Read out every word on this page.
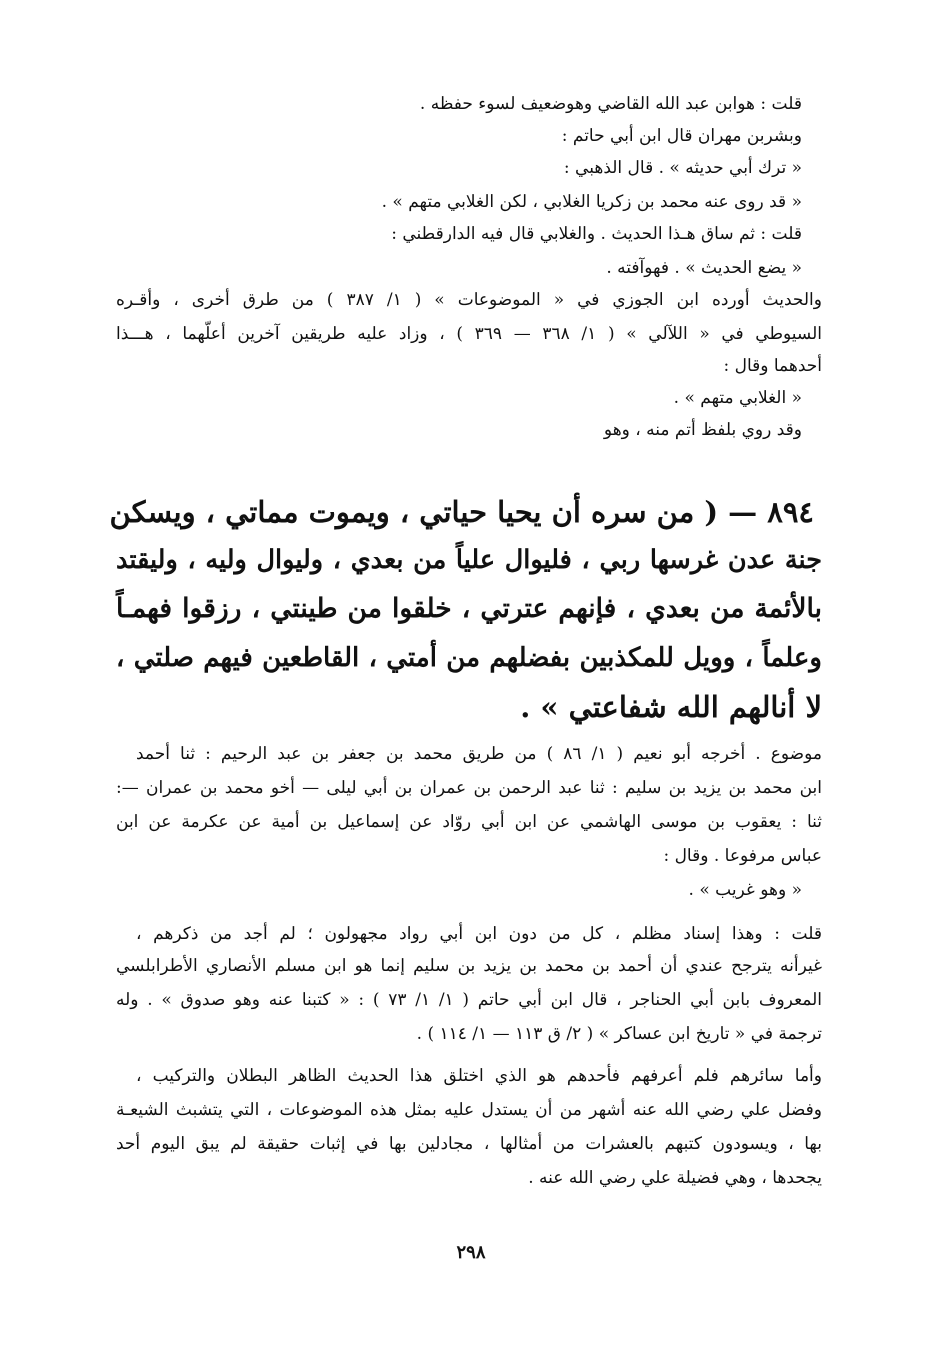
قلت : هوابن عبد الله القاضي وهوضعيف لسوء حفظه .
وبشربن مهران قال ابن أبي حاتم :
« ترك أبي حديثه » . قال الذهبي :
« قد روى عنه محمد بن زكريا الغلابي ، لكن الغلابي متهم » .
قلت : ثم ساق هـذا الحديث . والغلابي قال فيه الدارقطني :
« يضع الحديث » . فهوآفته .
والحديث أورده ابن الجوزي في « الموضوعات » ( ١/ ٣٨٧ ) من طرق أخرى ، وأقـره
السيوطي في « اللآلي » ( ١/ ٣٦٨ — ٣٦٩ ) ، وزاد عليه طريقين آخرين أعلّهما ، هـــذا
أحدهما وقال :
« الغلابي متهم » .
وقد روي بلفظ أتم منه ، وهو
٨٩٤ — ( من سره أن يحيا حياتي ، ويموت مماتي ، ويسكن
جنة عدن غرسها ربي ، فليوال علياً من بعدي ، وليوال وليه ، وليقتد
بالأئمة من بعدي ، فإنهم عترتي ، خلقوا من طينتي ، رزقوا فهمـاً
وعلماً ، وويل للمكذبين بفضلهم من أمتي ، القاطعين فيهم صلتي ،
لا أنالهم الله شفاعتي » .
موضوع . أخرجه أبو نعيم ( ١/ ٨٦ ) من طريق محمد بن جعفر بن عبد الرحيم : ثنا أحمد
ابن محمد بن يزيد بن سليم : ثنا عبد الرحمن بن عمران بن أبي ليلى — أخو محمد بن عمران —:
ثنا : يعقوب بن موسى الهاشمي عن ابن أبي روّاد عن إسماعيل بن أمية عن عكرمة عن ابن
عباس مرفوعا . وقال :
« وهو غريب » .
قلت : وهذا إسناد مظلم ، كل من دون ابن أبي رواد مجهولون ؛ لم أجد من ذكرهم ،
غيرأنه يترجح عندي أن أحمد بن محمد بن يزيد بن سليم إنما هو ابن مسلم الأنصاري الأطرابلسي
المعروف بابن أبي الحناجر ، قال ابن أبي حاتم ( ١/ ١/ ٧٣ ) : « كتبنا عنه وهو صدوق » . وله
ترجمة في « تاريخ ابن عساكر » ( ٢/ ق ١١٣ — ١/ ١١٤ ) .
وأما سائرهم فلم أعرفهم فأحدهم هو الذي اختلق هذا الحديث الظاهر البطلان والتركيب ،
وفضل علي رضي الله عنه أشهر من أن يستدل عليه بمثل هذه الموضوعات ، التي يتشبث الشيعـة
بها ، ويسودون كتبهم بالعشرات من أمثالها ، مجادلين بها في إثبات حقيقة لم يبق اليوم أحد
يجحدها ، وهي فضيلة علي رضي الله عنه .
٢٩٨
